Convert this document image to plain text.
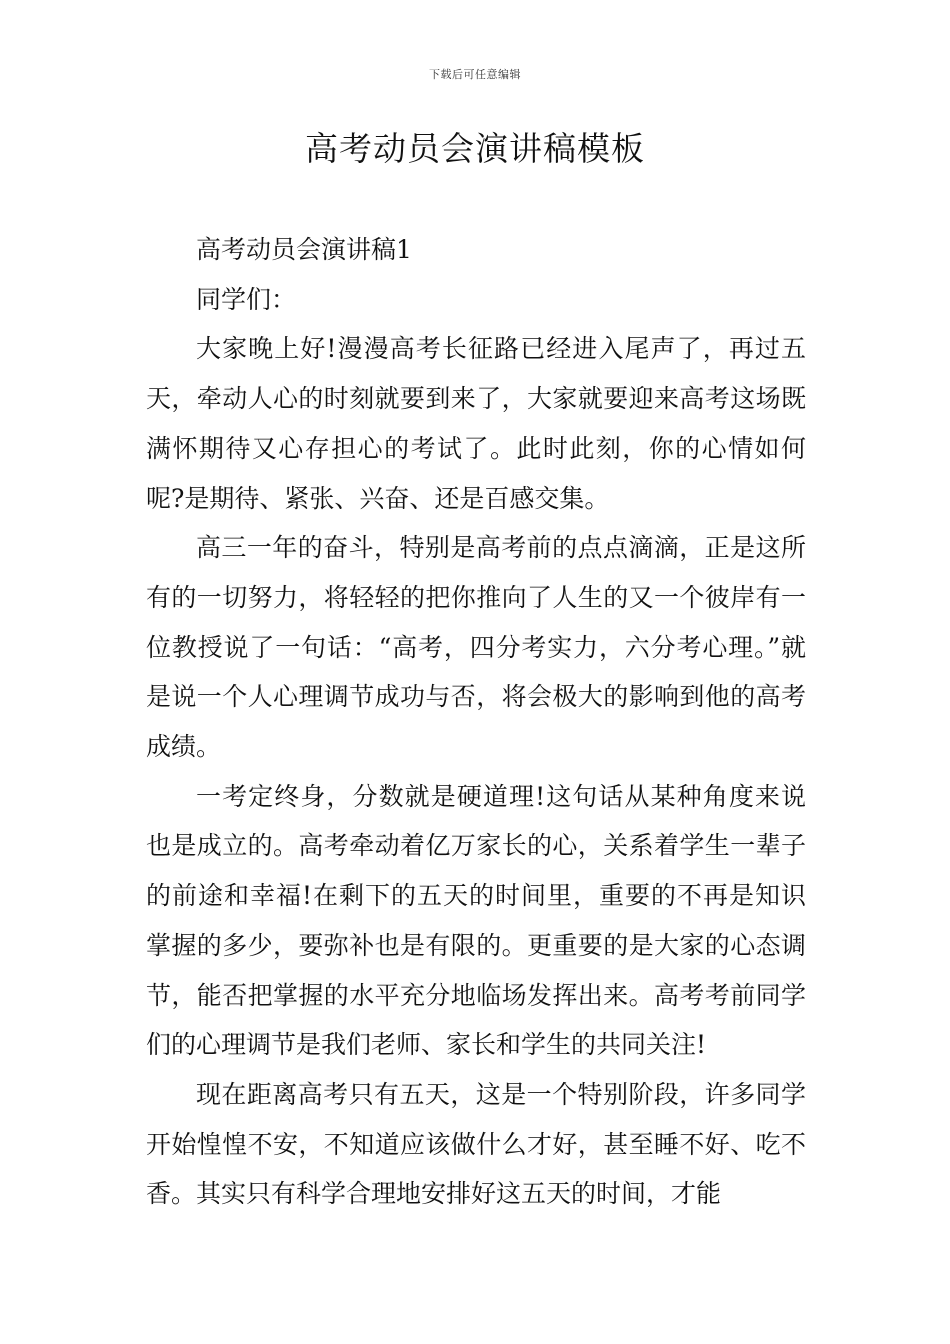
下载后可任意编辑
高考动员会演讲稿模板

高考动员会演讲稿1

同学们：

大家晚上好!漫漫高考长征路已经进入尾声了，再过五天，牵动人心的时刻就要到来了，大家就要迎来高考这场既满怀期待又心存担心的考试了。此时此刻，你的心情如何呢?是期待、紧张、兴奋、还是百感交集。

高三一年的奋斗，特别是高考前的点点滴滴，正是这所有的一切努力，将轻轻的把你推向了人生的又一个彼岸有一位教授说了一句话：“高考，四分考实力，六分考心理。”就是说一个人心理调节成功与否，将会极大的影响到他的高考成绩。

一考定终身，分数就是硬道理!这句话从某种角度来说也是成立的。高考牵动着亿万家长的心，关系着学生一辈子的前途和幸福!在剩下的五天的时间里，重要的不再是知识掌握的多少，要弥补也是有限的。更重要的是大家的心态调节，能否把掌握的水平充分地临场发挥出来。高考考前同学们的心理调节是我们老师、家长和学生的共同关注!

现在距离高考只有五天，这是一个特别阶段，许多同学开始惶惶不安，不知道应该做什么才好，甚至睡不好、吃不香。其实只有科学合理地安排好这五天的时间，才能
